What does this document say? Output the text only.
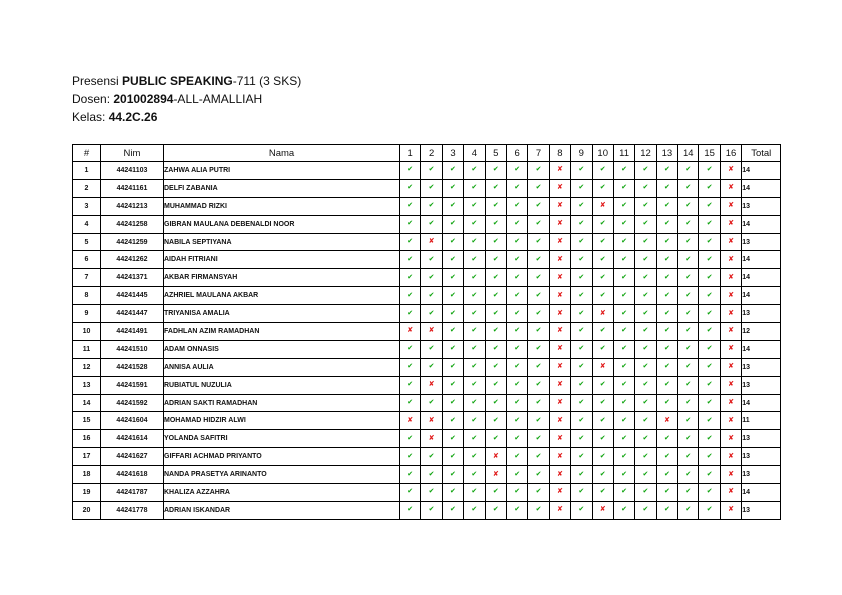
Presensi PUBLIC SPEAKING-711 (3 SKS)
Dosen: 201002894-ALL-AMALLIAH
Kelas: 44.2C.26
#	Nim	Nama	1	2	3	4	5	6	7	8	9	10	11	12	13	14	15	16	Total
1	44241103	ZAHWA ALIA PUTRI	✔	✔	✔	✔	✔	✔	✔	✘	✔	✔	✔	✔	✔	✔	✔	✘	14
2	44241161	DELFI ZABANIA	✔	✔	✔	✔	✔	✔	✔	✘	✔	✔	✔	✔	✔	✔	✔	✘	14
3	44241213	MUHAMMAD RIZKI	✔	✔	✔	✔	✔	✔	✔	✘	✔	✘	✔	✔	✔	✔	✔	✘	13
4	44241258	GIBRAN MAULANA DEBENALDI NOOR	✔	✔	✔	✔	✔	✔	✔	✘	✔	✔	✔	✔	✔	✔	✔	✘	14
5	44241259	NABILA SEPTIYANA	✔	✘	✔	✔	✔	✔	✔	✘	✔	✔	✔	✔	✔	✔	✔	✘	13
6	44241262	AIDAH FITRIANI	✔	✔	✔	✔	✔	✔	✔	✘	✔	✔	✔	✔	✔	✔	✔	✘	14
7	44241371	AKBAR FIRMANSYAH	✔	✔	✔	✔	✔	✔	✔	✘	✔	✔	✔	✔	✔	✔	✔	✘	14
8	44241445	AZHRIEL MAULANA AKBAR	✔	✔	✔	✔	✔	✔	✔	✘	✔	✔	✔	✔	✔	✔	✔	✘	14
9	44241447	TRIYANISA AMALIA	✔	✔	✔	✔	✔	✔	✔	✘	✔	✘	✔	✔	✔	✔	✔	✘	13
10	44241491	FADHLAN AZIM RAMADHAN	✘	✘	✔	✔	✔	✔	✔	✘	✔	✔	✔	✔	✔	✔	✔	✘	12
11	44241510	ADAM ONNASIS	✔	✔	✔	✔	✔	✔	✔	✘	✔	✔	✔	✔	✔	✔	✔	✘	14
12	44241528	ANNISA AULIA	✔	✔	✔	✔	✔	✔	✔	✘	✔	✘	✔	✔	✔	✔	✔	✘	13
13	44241591	RUBIATUL NUZULIA	✔	✘	✔	✔	✔	✔	✔	✘	✔	✔	✔	✔	✔	✔	✔	✘	13
14	44241592	ADRIAN SAKTI RAMADHAN	✔	✔	✔	✔	✔	✔	✔	✘	✔	✔	✔	✔	✔	✔	✔	✘	14
15	44241604	MOHAMAD HIDZIR ALWI	✘	✘	✔	✔	✔	✔	✔	✘	✔	✔	✔	✔	✘	✔	✔	✘	11
16	44241614	YOLANDA SAFITRI	✔	✘	✔	✔	✔	✔	✔	✘	✔	✔	✔	✔	✔	✔	✔	✘	13
17	44241627	GIFFARI ACHMAD PRIYANTO	✔	✔	✔	✔	✘	✔	✔	✘	✔	✔	✔	✔	✔	✔	✔	✘	13
18	44241618	NANDA PRASETYA ARINANTO	✔	✔	✔	✔	✘	✔	✔	✘	✔	✔	✔	✔	✔	✔	✔	✘	13
19	44241787	KHALIZA AZZAHRA	✔	✔	✔	✔	✔	✔	✔	✘	✔	✔	✔	✔	✔	✔	✔	✘	14
20	44241778	ADRIAN ISKANDAR	✔	✔	✔	✔	✔	✔	✔	✘	✔	✘	✔	✔	✔	✔	✔	✘	13
